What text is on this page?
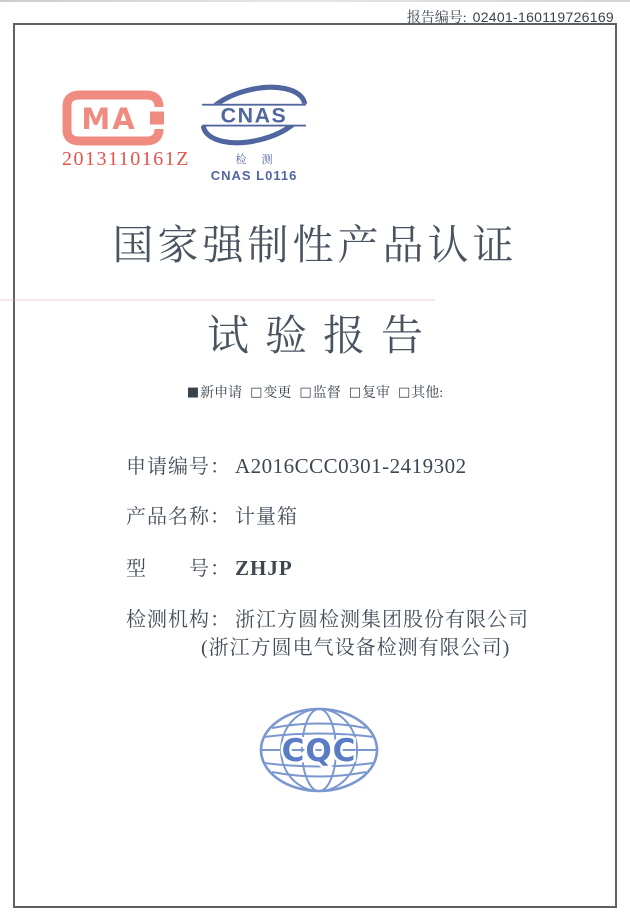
报告编号: 02401-160119726169
MA
2013110161Z
CNAS
检 测
CNAS L0116
国家强制性产品认证
试验报告
■ 新申请 □ 变更 □ 监督 □ 复审 □ 其他:
申请编号： A2016CCC0301-2419302
产品名称： 计量箱
型　　号： ZHJP
检测机构： 浙江方圆检测集团股份有限公司
(浙江方圆电气设备检测有限公司)
CQC
